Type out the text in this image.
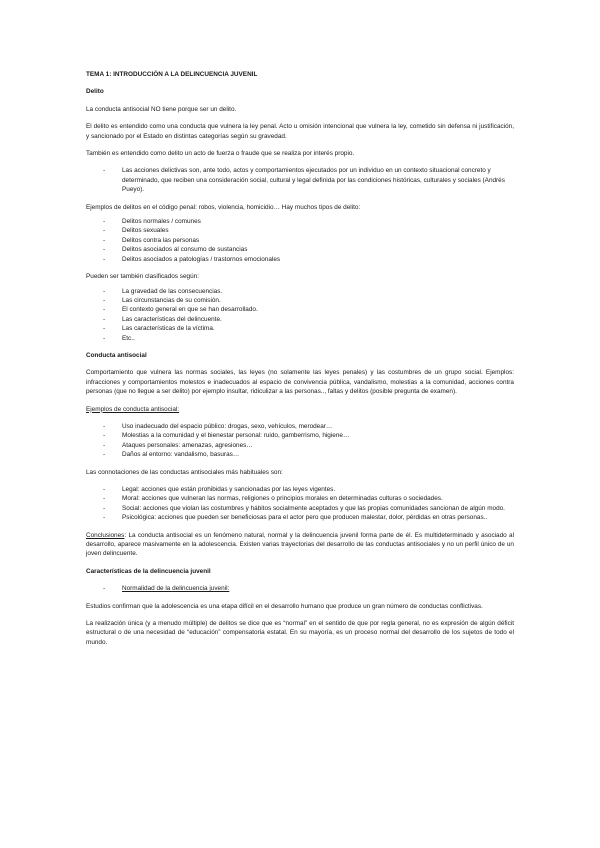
TEMA 1: INTRODUCCIÓN A LA DELINCUENCIA JUVENIL

Delito

La conducta antisocial NO tiene porque ser un delito.

El delito es entendido como una conducta que vulnera la ley penal. Acto u omisión intencional que vulnera la ley, cometido sin defensa ni justificación, y sancionado por el Estado en distintas categorías según su gravedad.

También es entendido como delito un acto de fuerza o fraude que se realiza por interés propio.

- Las acciones delictivas son, ante todo, actos y comportamientos ejecutados por un individuo en un contexto situacional concreto y determinado, que reciben una consideración social, cultural y legal definida por las condiciones históricas, culturales y sociales (Andrés Pueyo).

Ejemplos de delitos en el código penal: robos, violencia, homicidio… Hay muchos tipos de delito:

- Delitos normales / comunes
- Delitos sexuales
- Delitos contra las personas
- Delitos asociados al consumo de sustancias
- Delitos asociados a patologías / trastornos emocionales

Pueden ser también clasificados según:

- La gravedad de las consecuencias.
- Las circunstancias de su comisión.
- El contexto general en que se han desarrollado.
- Las características del delincuente.
- Las características de la víctima.
- Etc..

Conducta antisocial

Comportamiento que vulnera las normas sociales, las leyes (no solamente las leyes penales) y las costumbres de un grupo social. Ejemplos: infracciones y comportamientos molestos e inadecuados al espacio de convivencia pública, vandalismo, molestias a la comunidad, acciones contra personas (que no llegue a ser delito) por ejemplo insultar, ridiculizar a las personas.., faltas y delitos (posible pregunta de examen).

Ejemplos de conducta antisocial:

- Uso inadecuado del espacio público: drogas, sexo, vehículos, merodear…
- Molestias a la comunidad y el bienestar personal: ruido, gamberrismo, higiene…
- Ataques personales: amenazas, agresiones…
- Daños al entorno: vandalismo, basuras…

Las connotaciones de las conductas antisociales más habituales son:

- Legal: acciones que están prohibidas y sancionadas por las leyes vigentes.
- Moral: acciones que vulneran las normas, religiones o principios morales en determinadas culturas o sociedades.
- Social: acciones que violan las costumbres y hábitos socialmente aceptados y que las propias comunidades sancionan de algún modo.
- Psicológica: acciones que pueden ser beneficiosas para el actor pero que producen malestar, dolor, pérdidas en otras personas..

Conclusiones: La conducta antisocial es un fenómeno natural, normal y la delincuencia juvenil forma parte de él. Es multideterminado y asociado al desarrollo, aparece masivamente en la adolescencia. Existen varias trayectorias del desarrollo de las conductas antisociales y no un perfil único de un joven delincuente.

Características de la delincuencia juvenil

- Normalidad de la delincuencia juvenil:

Estudios confirman que la adolescencia es una etapa difícil en el desarrollo humano que produce un gran número de conductas conflictivas.

La realización única (y a menudo múltiple) de delitos se dice que es “normal” en el sentido de que por regla general, no es expresión de algún déficit estructural o de una necesidad de “educación” compensatoria estatal. En su mayoría, es un proceso normal del desarrollo de los sujetos de todo el mundo.
